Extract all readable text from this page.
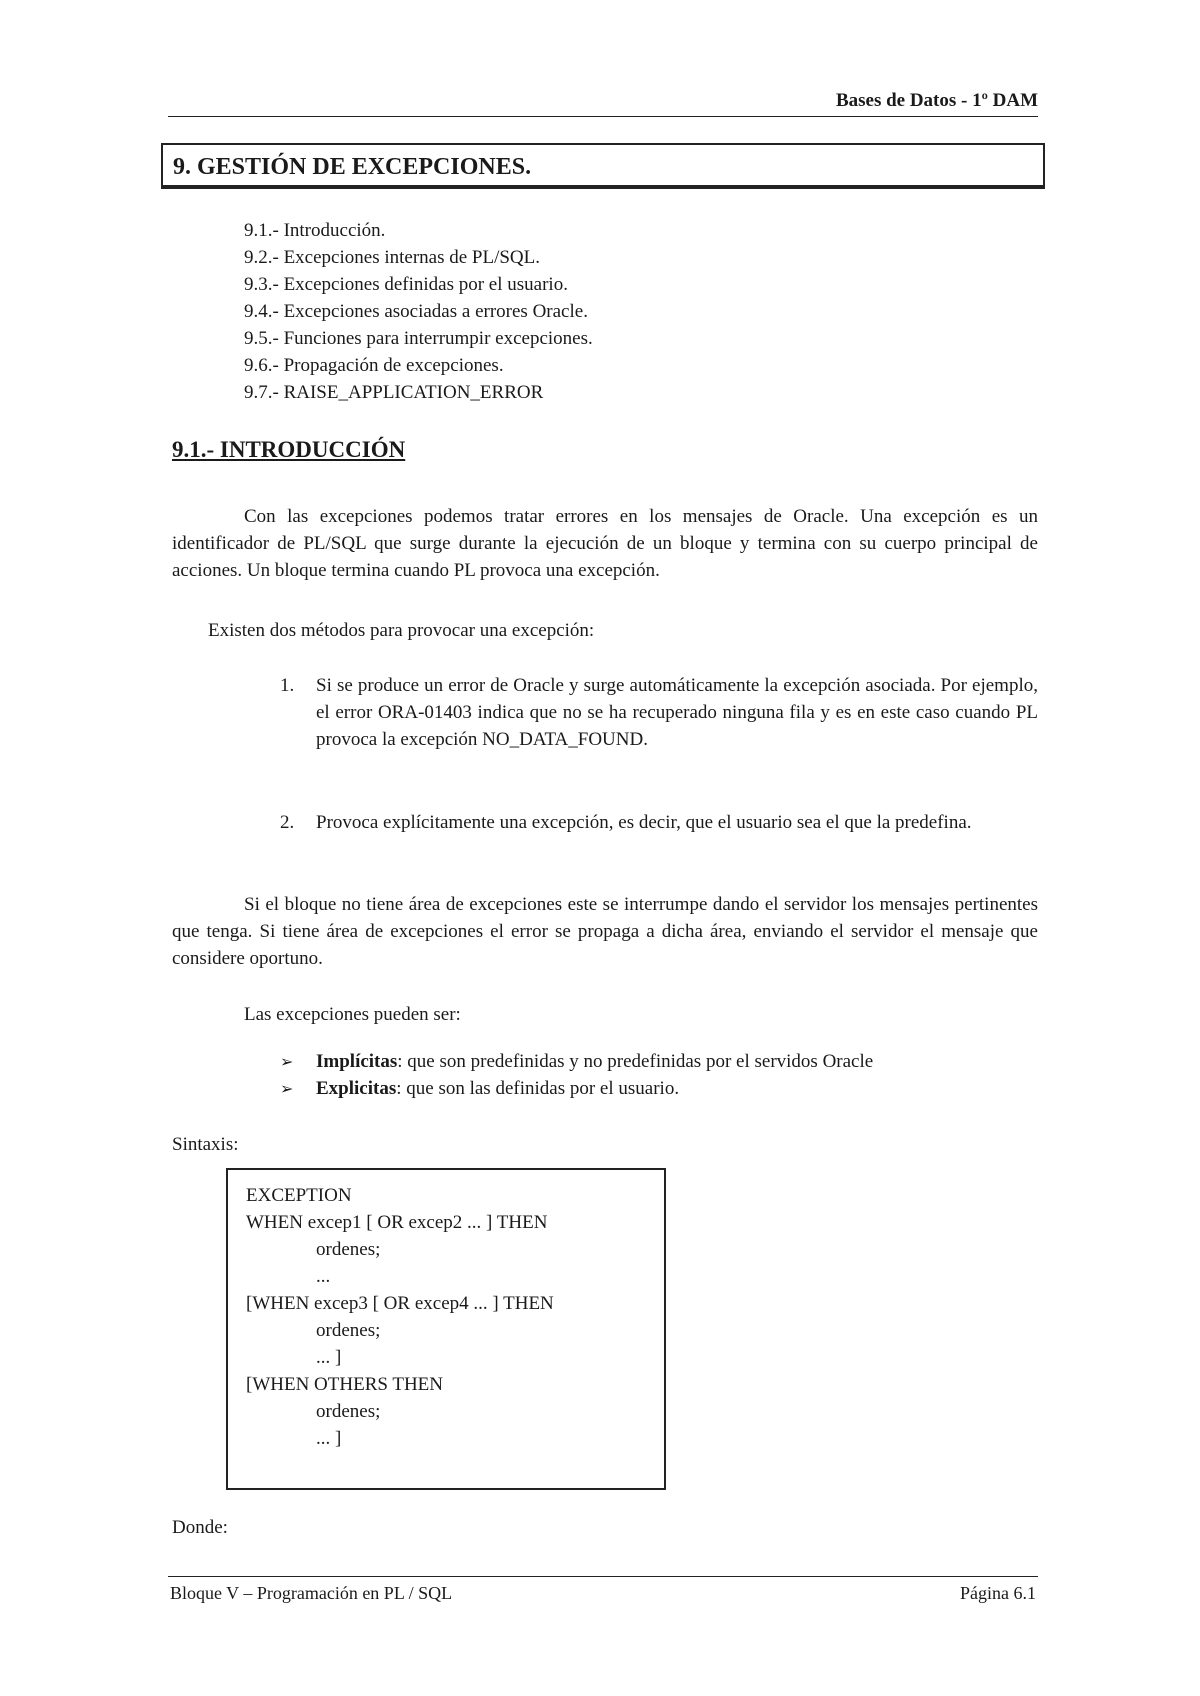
Bases de Datos - 1º DAM
9. GESTIÓN DE EXCEPCIONES.
9.1.- Introducción.
9.2.- Excepciones internas de PL/SQL.
9.3.- Excepciones definidas por el usuario.
9.4.- Excepciones asociadas a errores Oracle.
9.5.- Funciones para interrumpir excepciones.
9.6.- Propagación de excepciones.
9.7.- RAISE_APPLICATION_ERROR
9.1.- INTRODUCCIÓN

Con las excepciones podemos tratar errores en los mensajes de Oracle. Una excepción es un identificador de PL/SQL que surge durante la ejecución de un bloque y termina con su cuerpo principal de acciones. Un bloque termina cuando PL provoca una excepción.

Existen dos métodos para provocar una excepción:

1. Si se produce un error de Oracle y surge automáticamente la excepción asociada. Por ejemplo, el error ORA-01403 indica que no se ha recuperado ninguna fila y es en este caso cuando PL provoca la excepción NO_DATA_FOUND.
2. Provoca explícitamente una excepción, es decir, que el usuario sea el que la predefina.

Si el bloque no tiene área de excepciones este se interrumpe dando el servidor los mensajes pertinentes que tenga. Si tiene área de excepciones el error se propaga a dicha área, enviando el servidor el mensaje que considere oportuno.

Las excepciones pueden ser:

➢ Implícitas: que son predefinidas y no predefinidas por el servidos Oracle
➢ Explicitas: que son las definidas por el usuario.

Sintaxis:

EXCEPTION
WHEN excep1 [ OR excep2 ... ] THEN
ordenes;
...
[WHEN excep3 [ OR excep4 ... ] THEN
ordenes;
... ]
[WHEN OTHERS THEN
ordenes;
... ]

Donde:

Bloque V – Programación en PL / SQL	Página 6.1
